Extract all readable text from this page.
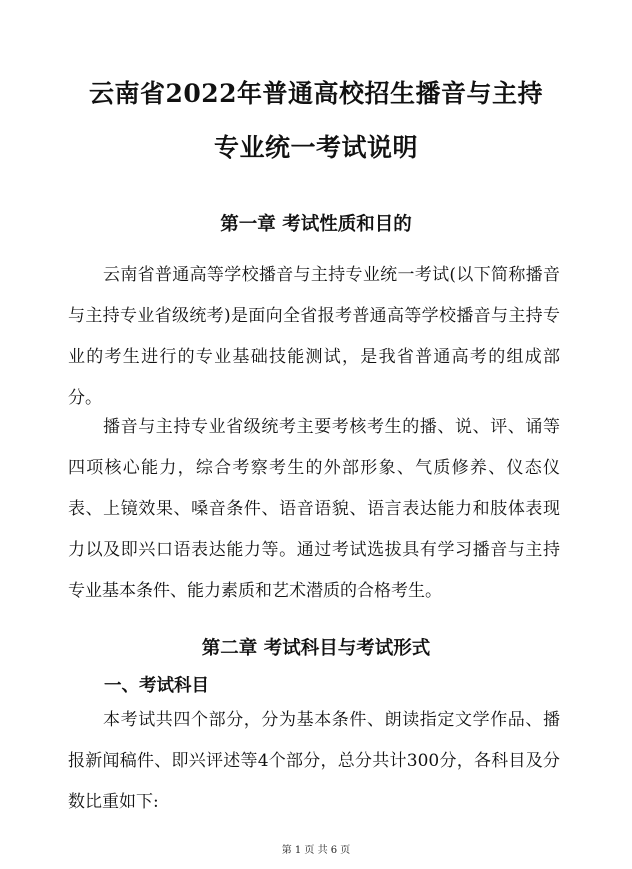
云南省2022年普通高校招生播音与主持
专业统一考试说明
第一章 考试性质和目的

云南省普通高等学校播音与主持专业统一考试(以下简称播音与主持专业省级统考)是面向全省报考普通高等学校播音与主持专业的考生进行的专业基础技能测试，是我省普通高考的组成部分。

播音与主持专业省级统考主要考核考生的播、说、评、诵等四项核心能力，综合考察考生的外部形象、气质修养、仪态仪表、上镜效果、嗓音条件、语音语貌、语言表达能力和肢体表现力以及即兴口语表达能力等。通过考试选拔具有学习播音与主持专业基本条件、能力素质和艺术潜质的合格考生。

第二章 考试科目与考试形式
一、考试科目

本考试共四个部分，分为基本条件、朗读指定文学作品、播报新闻稿件、即兴评述等4个部分，总分共计300分，各科目及分数比重如下:

第 1 页 共 6 页
